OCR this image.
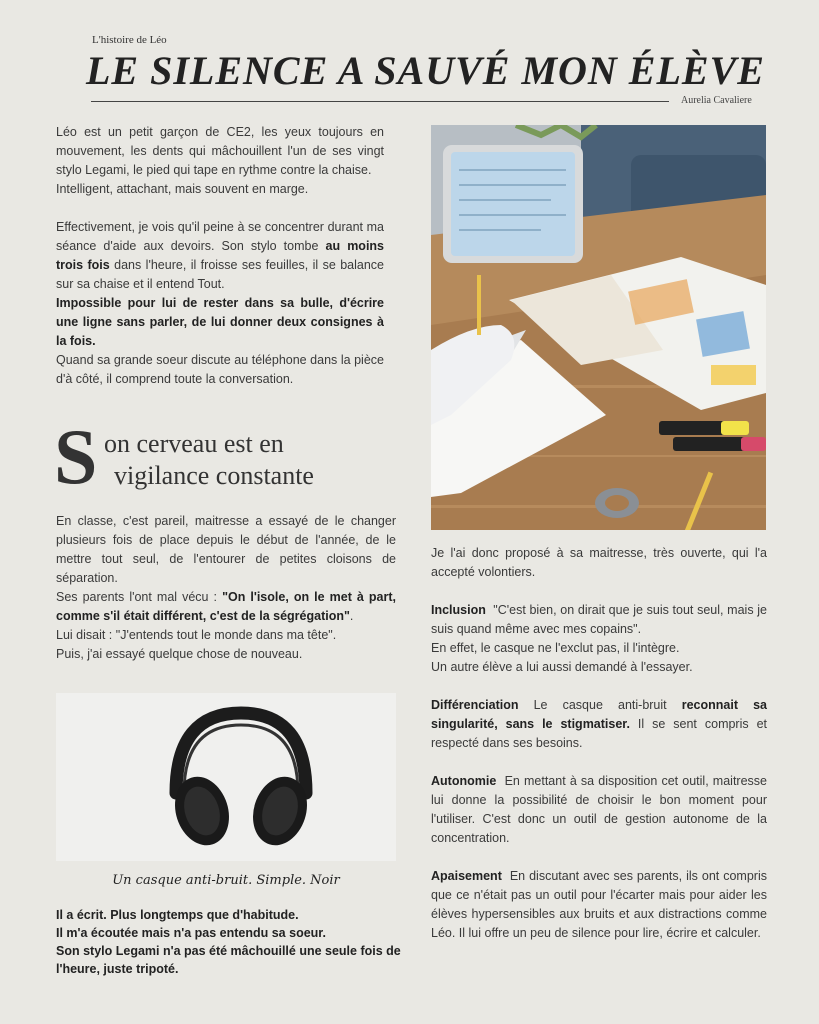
L'histoire de Léo
LE SILENCE A SAUVÉ MON ÉLÈVE
Aurelia Cavaliere

Léo est un petit garçon de CE2, les yeux toujours en mouvement, les dents qui mâchouillent l'un de ses vingt stylo Legami, le pied qui tape en rythme contre la chaise.

Intelligent, attachant, mais souvent en marge.

Effectivement, je vois qu'il peine à se concentrer durant ma séance d'aide aux devoirs. Son stylo tombe au moins trois fois dans l'heure, il froisse ses feuilles, il se balance sur sa chaise et il entend Tout.

Impossible pour lui de rester dans sa bulle, d'écrire une ligne sans parler, de lui donner deux consignes à la fois.

Quand sa grande soeur discute au téléphone dans la pièce d'à côté, il comprend toute la conversation.

S on cerveau est en
vigilance constante

En classe, c'est pareil, maitresse a essayé de le changer plusieurs fois de place depuis le début de l'année, de le mettre tout seul, de l'entourer de petites cloisons de séparation.

Ses parents l'ont mal vécu : "On l'isole, on le met à part, comme s'il était différent, c'est de la ségrégation".

Lui disait : "J'entends tout le monde dans ma tête".

Puis, j'ai essayé quelque chose de nouveau.

Un casque anti-bruit. Simple. Noir
Il a écrit. Plus longtemps que d'habitude.
Il m'a écoutée mais n'a pas entendu sa soeur.
Son stylo Legami n'a pas été mâchouillé une seule fois de l'heure, juste tripoté.

Je l'ai donc proposé à sa maitresse, très ouverte, qui l'a accepté volontiers.

Inclusion "C'est bien, on dirait que je suis tout seul, mais je suis quand même avec mes copains".

En effet, le casque ne l'exclut pas, il l'intègre.

Un autre élève a lui aussi demandé à l'essayer.

Différenciation Le casque anti-bruit reconnait sa singularité, sans le stigmatiser. Il se sent compris et respecté dans ses besoins.

Autonomie En mettant à sa disposition cet outil, maitresse lui donne la possibilité de choisir le bon moment pour l'utiliser. C'est donc un outil de gestion autonome de la concentration.

Apaisement En discutant avec ses parents, ils ont compris que ce n'était pas un outil pour l'écarter mais pour aider les élèves hypersensibles aux bruits et aux distractions comme Léo. Il lui offre un peu de silence pour lire, écrire et calculer.
